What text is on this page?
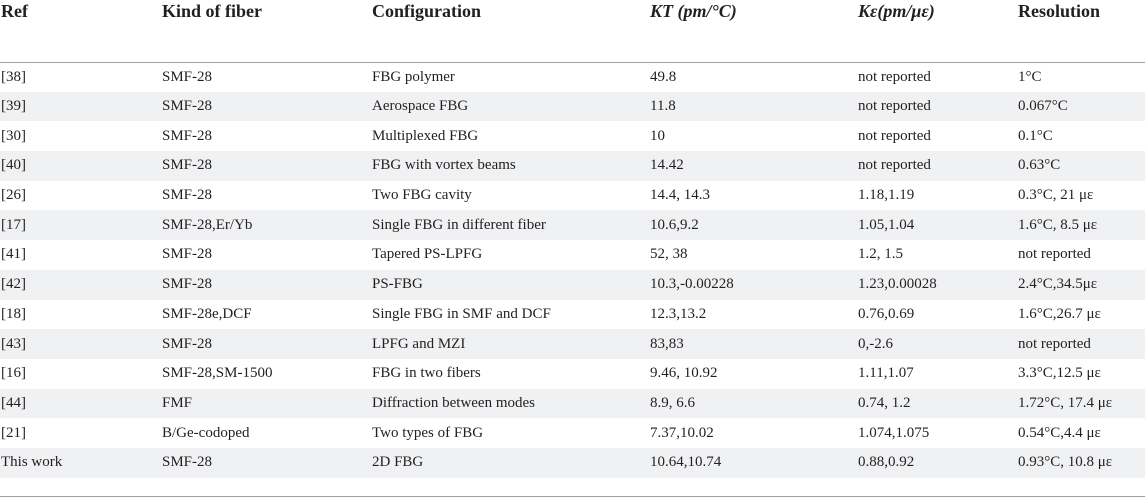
Ref	Kind of fiber	Configuration	KT (pm/°C)	Kε(pm/με)	Resolution
[38]	SMF-28	FBG polymer	49.8	not reported	1°C
[39]	SMF-28	Aerospace FBG	11.8	not reported	0.067°C
[30]	SMF-28	Multiplexed FBG	10	not reported	0.1°C
[40]	SMF-28	FBG with vortex beams	14.42	not reported	0.63°C
[26]	SMF-28	Two FBG cavity	14.4, 14.3	1.18,1.19	0.3°C, 21 με
[17]	SMF-28,Er/Yb	Single FBG in different fiber	10.6,9.2	1.05,1.04	1.6°C, 8.5 με
[41]	SMF-28	Tapered PS-LPFG	52, 38	1.2, 1.5	not reported
[42]	SMF-28	PS-FBG	10.3,-0.00228	1.23,0.00028	2.4°C,34.5με
[18]	SMF-28e,DCF	Single FBG in SMF and DCF	12.3,13.2	0.76,0.69	1.6°C,26.7 με
[43]	SMF-28	LPFG and MZI	83,83	0,-2.6	not reported
[16]	SMF-28,SM-1500	FBG in two fibers	9.46, 10.92	1.11,1.07	3.3°C,12.5 με
[44]	FMF	Diffraction between modes	8.9, 6.6	0.74, 1.2	1.72°C, 17.4 με
[21]	B/Ge-codoped	Two types of FBG	7.37,10.02	1.074,1.075	0.54°C,4.4 με
This work	SMF-28	2D FBG	10.64,10.74	0.88,0.92	0.93°C, 10.8 με
